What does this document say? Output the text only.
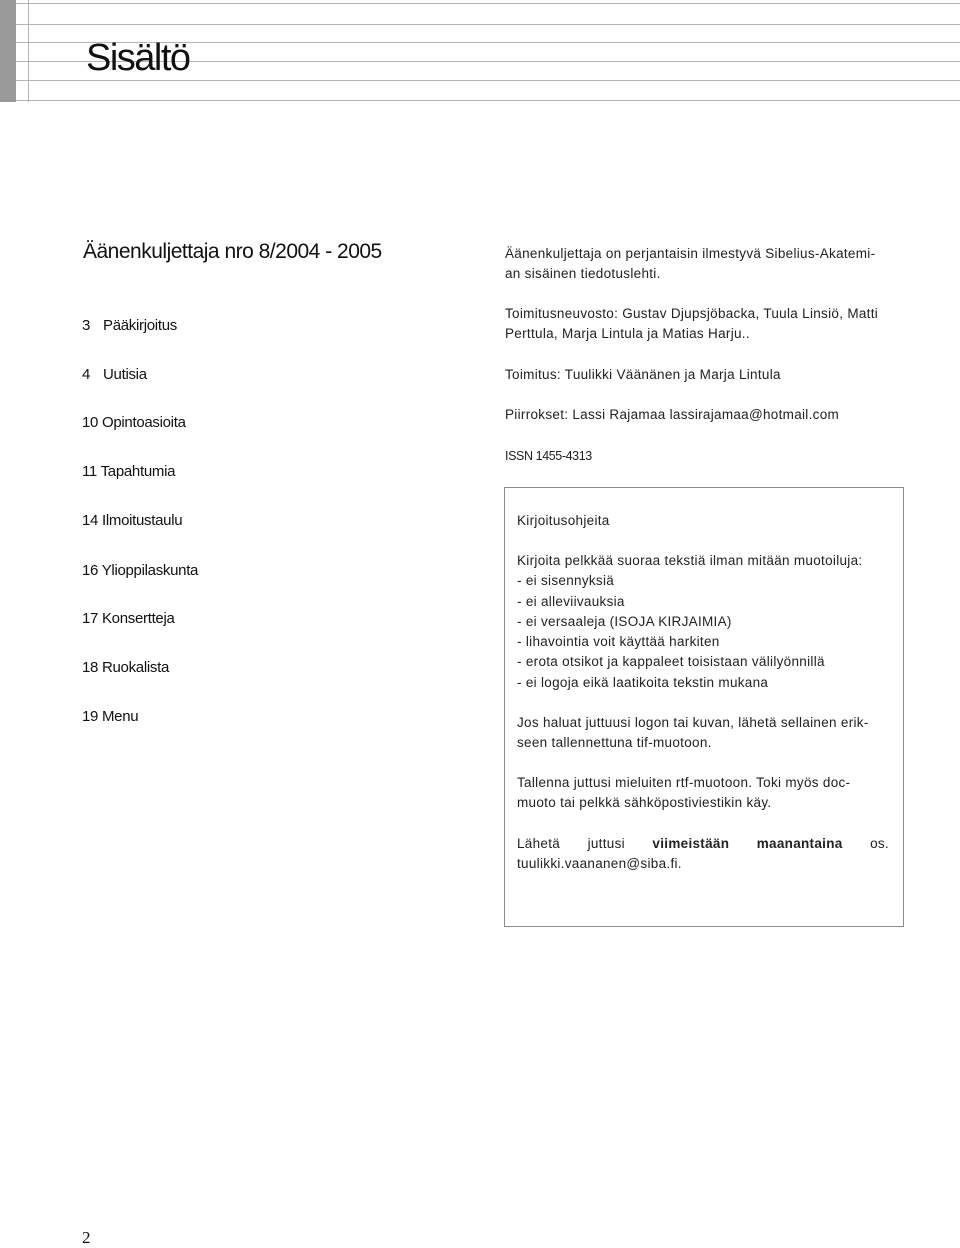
Sisältö
Äänenkuljettaja nro 8/2004 - 2005
3 Pääkirjoitus
4 Uutisia
10 Opintoasioita
11 Tapahtumia
14 Ilmoitustaulu
16 Ylioppilaskunta
17 Konsertteja
18 Ruokalista
19 Menu
Äänenkuljettaja on perjantaisin ilmestyvä Sibelius-Akatemi-
an sisäinen tiedotuslehti.
Toimitusneuvosto: Gustav Djupsjöbacka, Tuula Linsiö, Matti
Perttula, Marja Lintula ja Matias Harju..
Toimitus: Tuulikki Väänänen ja Marja Lintula
Piirrokset: Lassi Rajamaa lassirajamaa@hotmail.com
ISSN 1455-4313
Kirjoitusohjeita
Kirjoita pelkkää suoraa tekstiä ilman mitään muotoiluja:
- ei sisennyksiä
- ei alleviivauksia
- ei versaaleja (ISOJA KIRJAIMIA)
- lihavointia voit käyttää harkiten
- erota otsikot ja kappaleet toisistaan välilyönnillä
- ei logoja eikä laatikoita tekstin mukana
Jos haluat juttuusi logon tai kuvan, lähetä sellainen erik-
seen tallennettuna tif-muotoon.
Tallenna juttusi mieluiten rtf-muotoon. Toki myös doc-
muoto tai pelkkä sähköpostiviestikin käy.
Lähetä juttusi viimeistään maanantaina os.
tuulikki.vaananen@siba.fi.
2
